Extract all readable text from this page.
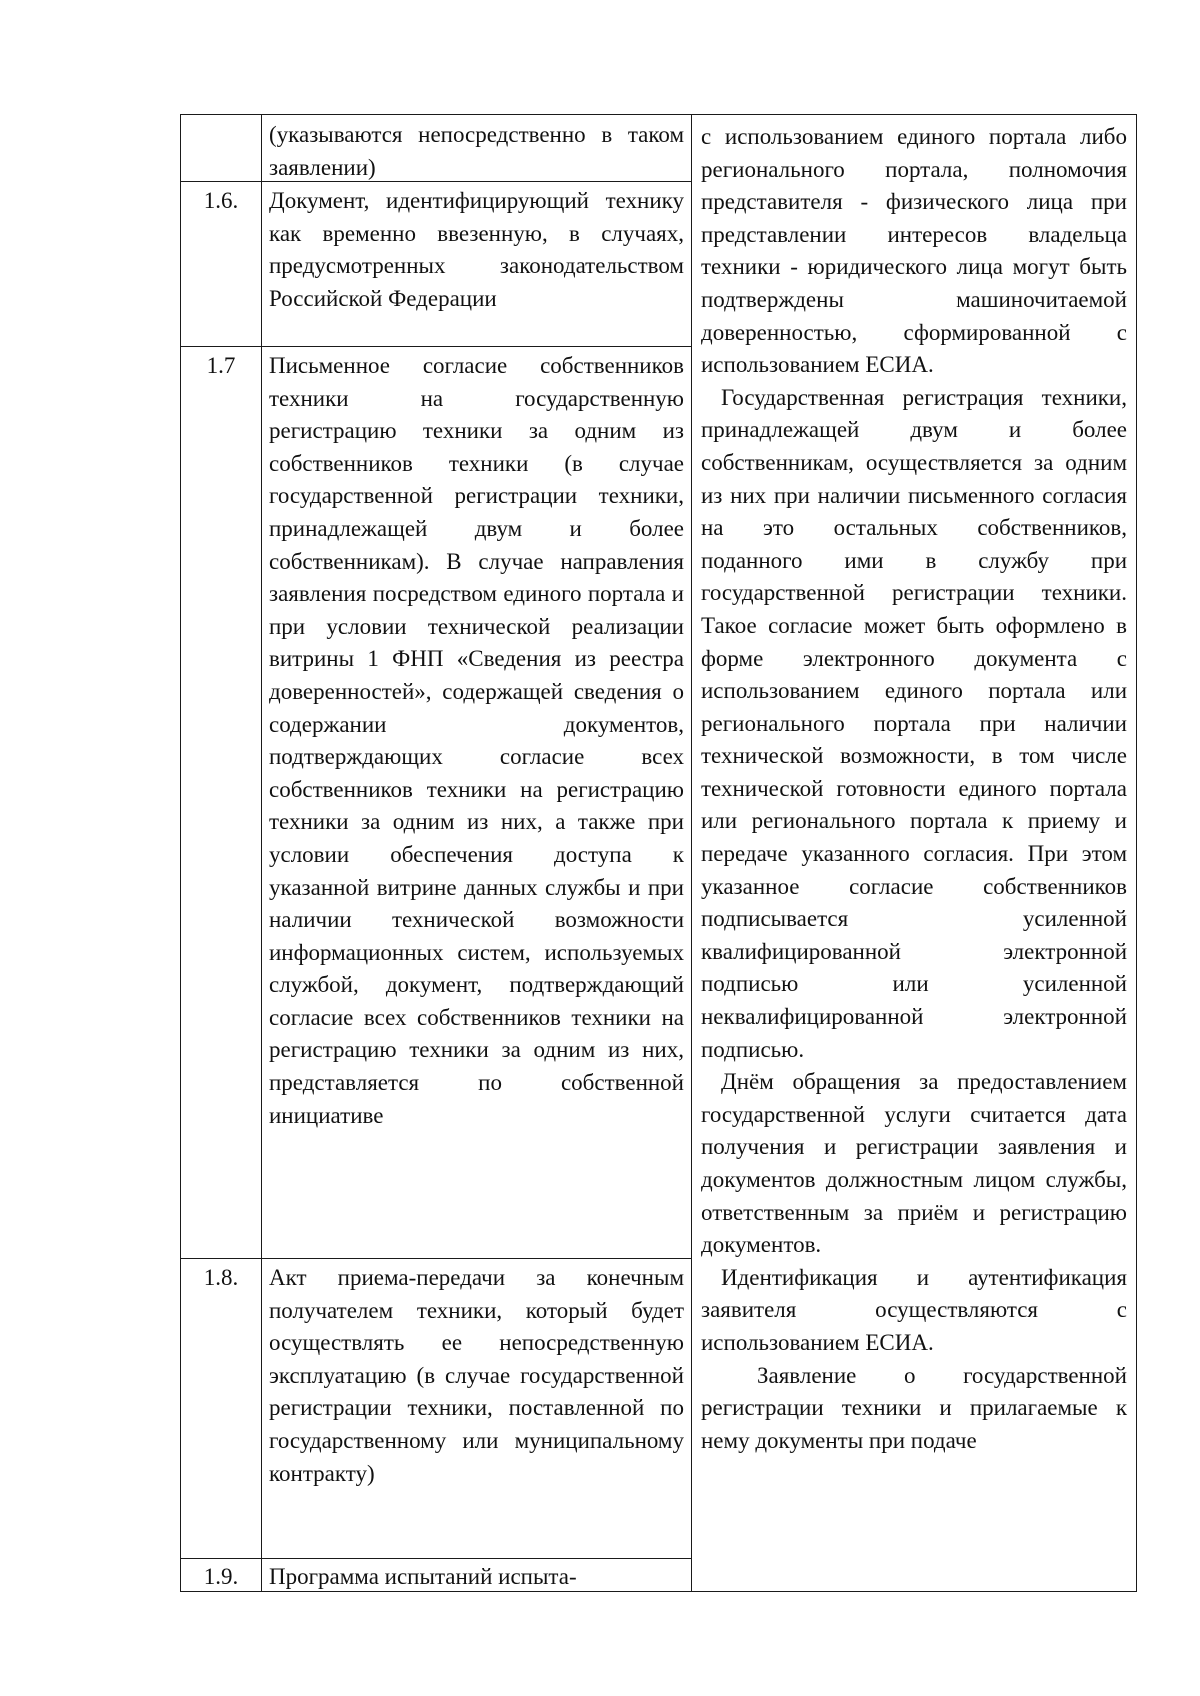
(указываются непосредственно в таком заявлении)
1.6.	Документ, идентифицирующий технику как временно ввезенную, в случаях, предусмотренных законодательством Российской Федерации
1.7	Письменное согласие собственников техники на государственную регистрацию техники за одним из собственников техники (в случае государственной регистрации техники, принадлежащей двум и более собственникам). В случае направления заявления посредством единого портала и при условии технической реализации витрины 1 ФНП «Сведения из реестра доверенностей», содержащей сведения о содержании документов, подтверждающих согласие всех собственников техники на регистрацию техники за одним из них, а также при условии обеспечения доступа к указанной витрине данных службы и при наличии технической возможности информационных систем, используемых службой, документ, подтверждающий согласие всех собственников техники на регистрацию техники за одним из них, представляется по собственной инициативе
1.8.	Акт приема-передачи за конечным получателем техники, который будет осуществлять ее непосредственную эксплуатацию (в случае государственной регистрации техники, поставленной по государственному или муниципальному контракту)
1.9.	Программа испытаний испыта-

с использованием единого портала либо регионального портала, полномочия представителя - физического лица при представлении интересов владельца техники - юридического лица могут быть подтверждены машиночитаемой доверенностью, сформированной с использованием ЕСИА.

Государственная регистрация техники, принадлежащей двум и более собственникам, осуществляется за одним из них при наличии письменного согласия на это остальных собственников, поданного ими в службу при государственной регистрации техники. Такое согласие может быть оформлено в форме электронного документа с использованием единого портала или регионального портала при наличии технической возможности, в том числе технической готовности единого портала или регионального портала к приему и передаче указанного согласия. При этом указанное согласие собственников подписывается усиленной квалифицированной электронной подписью или усиленной неквалифицированной электронной подписью.

Днём обращения за предоставлением государственной услуги считается дата получения и регистрации заявления и документов должностным лицом службы, ответственным за приём и регистрацию документов.

Идентификация и аутентификация заявителя осуществляются с использованием ЕСИА.

Заявление о государственной регистрации техники и прилагаемые к нему документы при подаче
